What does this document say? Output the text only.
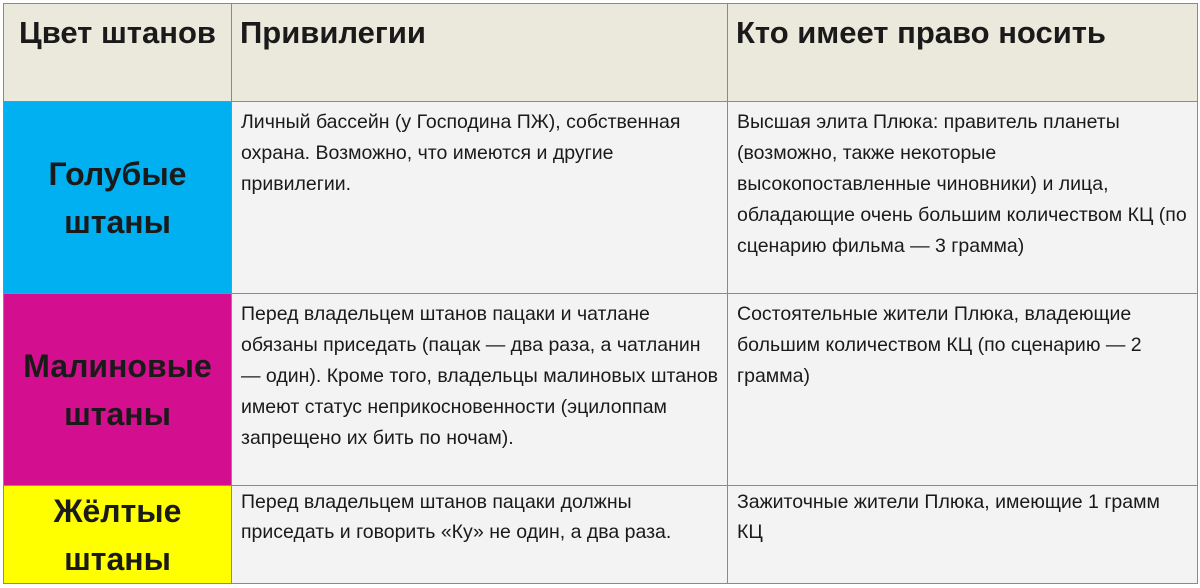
Цвет штанов	Привилегии	Кто имеет право носить
Голубые штаны	Личный бассейн (у Господина ПЖ), собственная охрана. Возможно, что имеются и другие привилегии.	Высшая элита Плюка: правитель планеты (возможно, также некоторые высокопоставленные чиновники) и лица, обладающие очень большим количеством КЦ (по сценарию фильма — 3 грамма)
Малиновые штаны	Перед владельцем штанов пацаки и чатлане обязаны приседать (пацак — два раза, а чатланин — один). Кроме того, владельцы малиновых штанов имеют статус неприкосновенности (эцилоппам запрещено их бить по ночам).	Состоятельные жители Плюка, владеющие большим количеством КЦ (по сценарию — 2 грамма)
Жёлтые штаны	Перед владельцем штанов пацаки должны приседать и говорить «Ку» не один, а два раза.	Зажиточные жители Плюка, имеющие 1 грамм КЦ
